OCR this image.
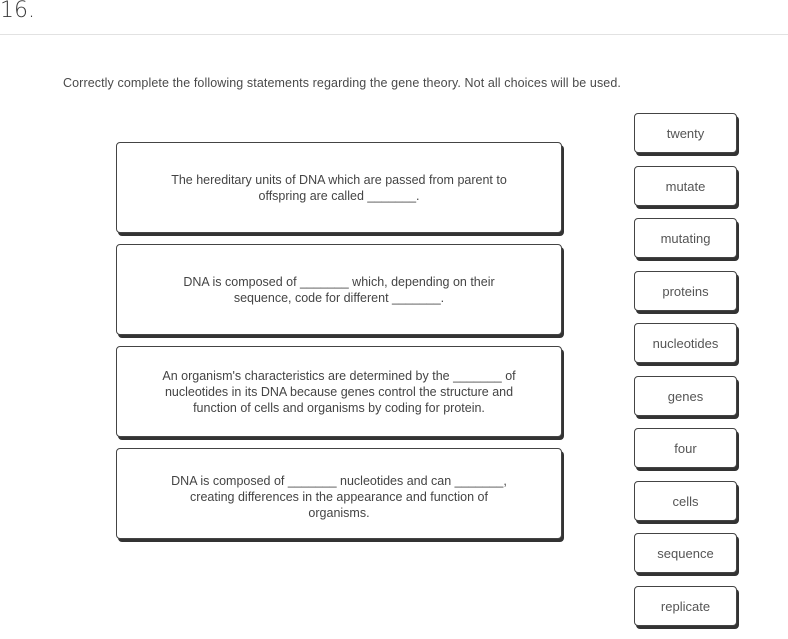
16.
Correctly complete the following statements regarding the gene theory. Not all choices will be used.
The hereditary units of DNA which are passed from parent to
offspring are called _______.
DNA is composed of _______ which, depending on their
sequence, code for different _______.
An organism's characteristics are determined by the _______ of
nucleotides in its DNA because genes control the structure and
function of cells and organisms by coding for protein.
DNA is composed of _______ nucleotides and can _______,
creating differences in the appearance and function of
organisms.
twenty
mutate
mutating
proteins
nucleotides
genes
four
cells
sequence
replicate
